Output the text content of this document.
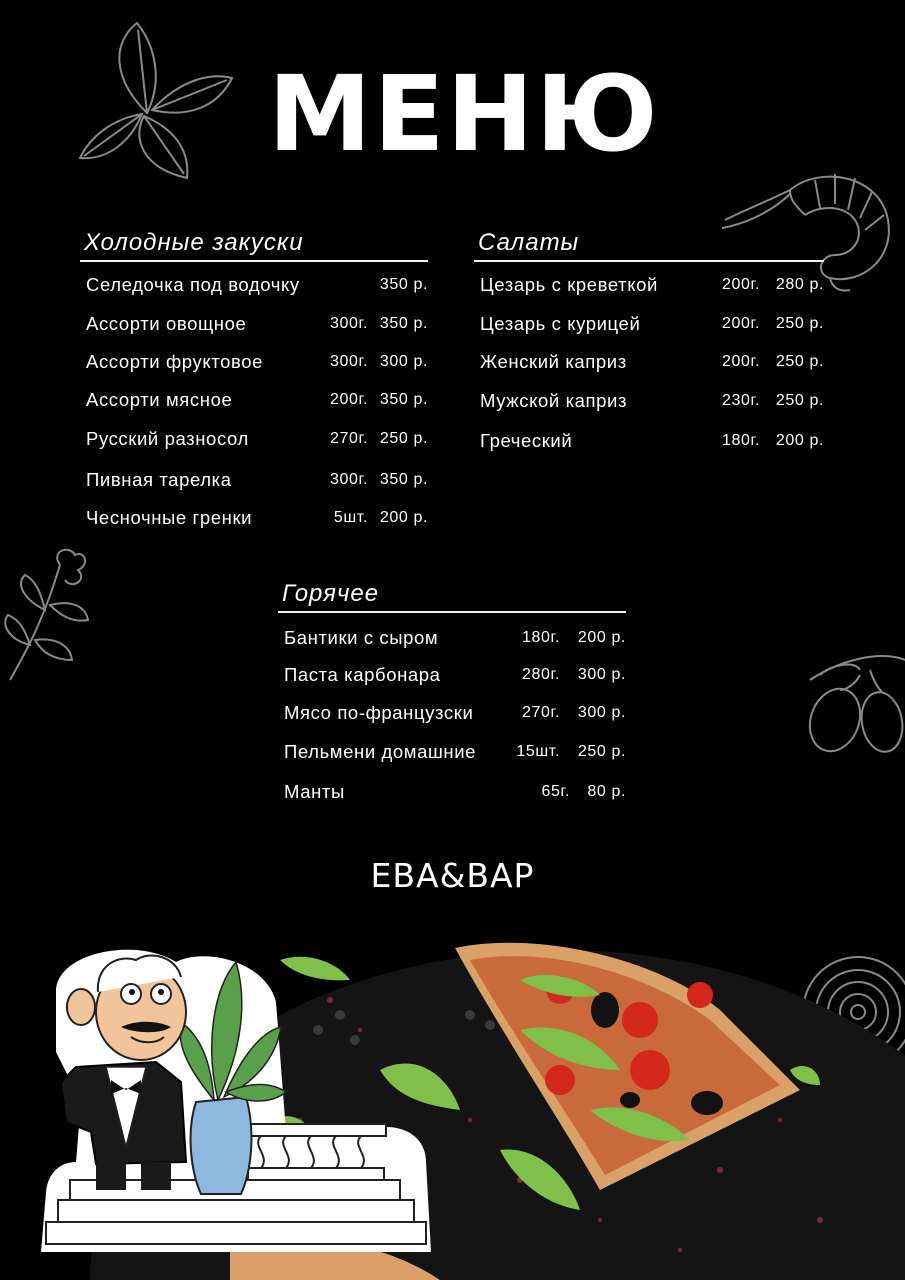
МЕНЮ
Холодные закуски
Селедочка под водочку	350 р.
Ассорти овощное	300г. 350 р.
Ассорти фруктовое	300г. 300 р.
Ассорти мясное	200г. 350 р.
Русский разносол	270г. 250 р.
Пивная тарелка	300г. 350 р.
Чесночные гренки	5шт. 200 р.
Салаты
Цезарь с креветкой	200г. 280 р.
Цезарь с курицей	200г. 250 р.
Женский каприз	200г. 250 р.
Мужской каприз	230г. 250 р.
Греческий	180г. 200 р.
Горячее
Бантики с сыром	180г. 200 р.
Паста карбонара	280г. 300 р.
Мясо по-французски	270г. 300 р.
Пельмени домашние	15шт. 250 р.
Манты	65г. 80 р.
ЕВА&ВАР
